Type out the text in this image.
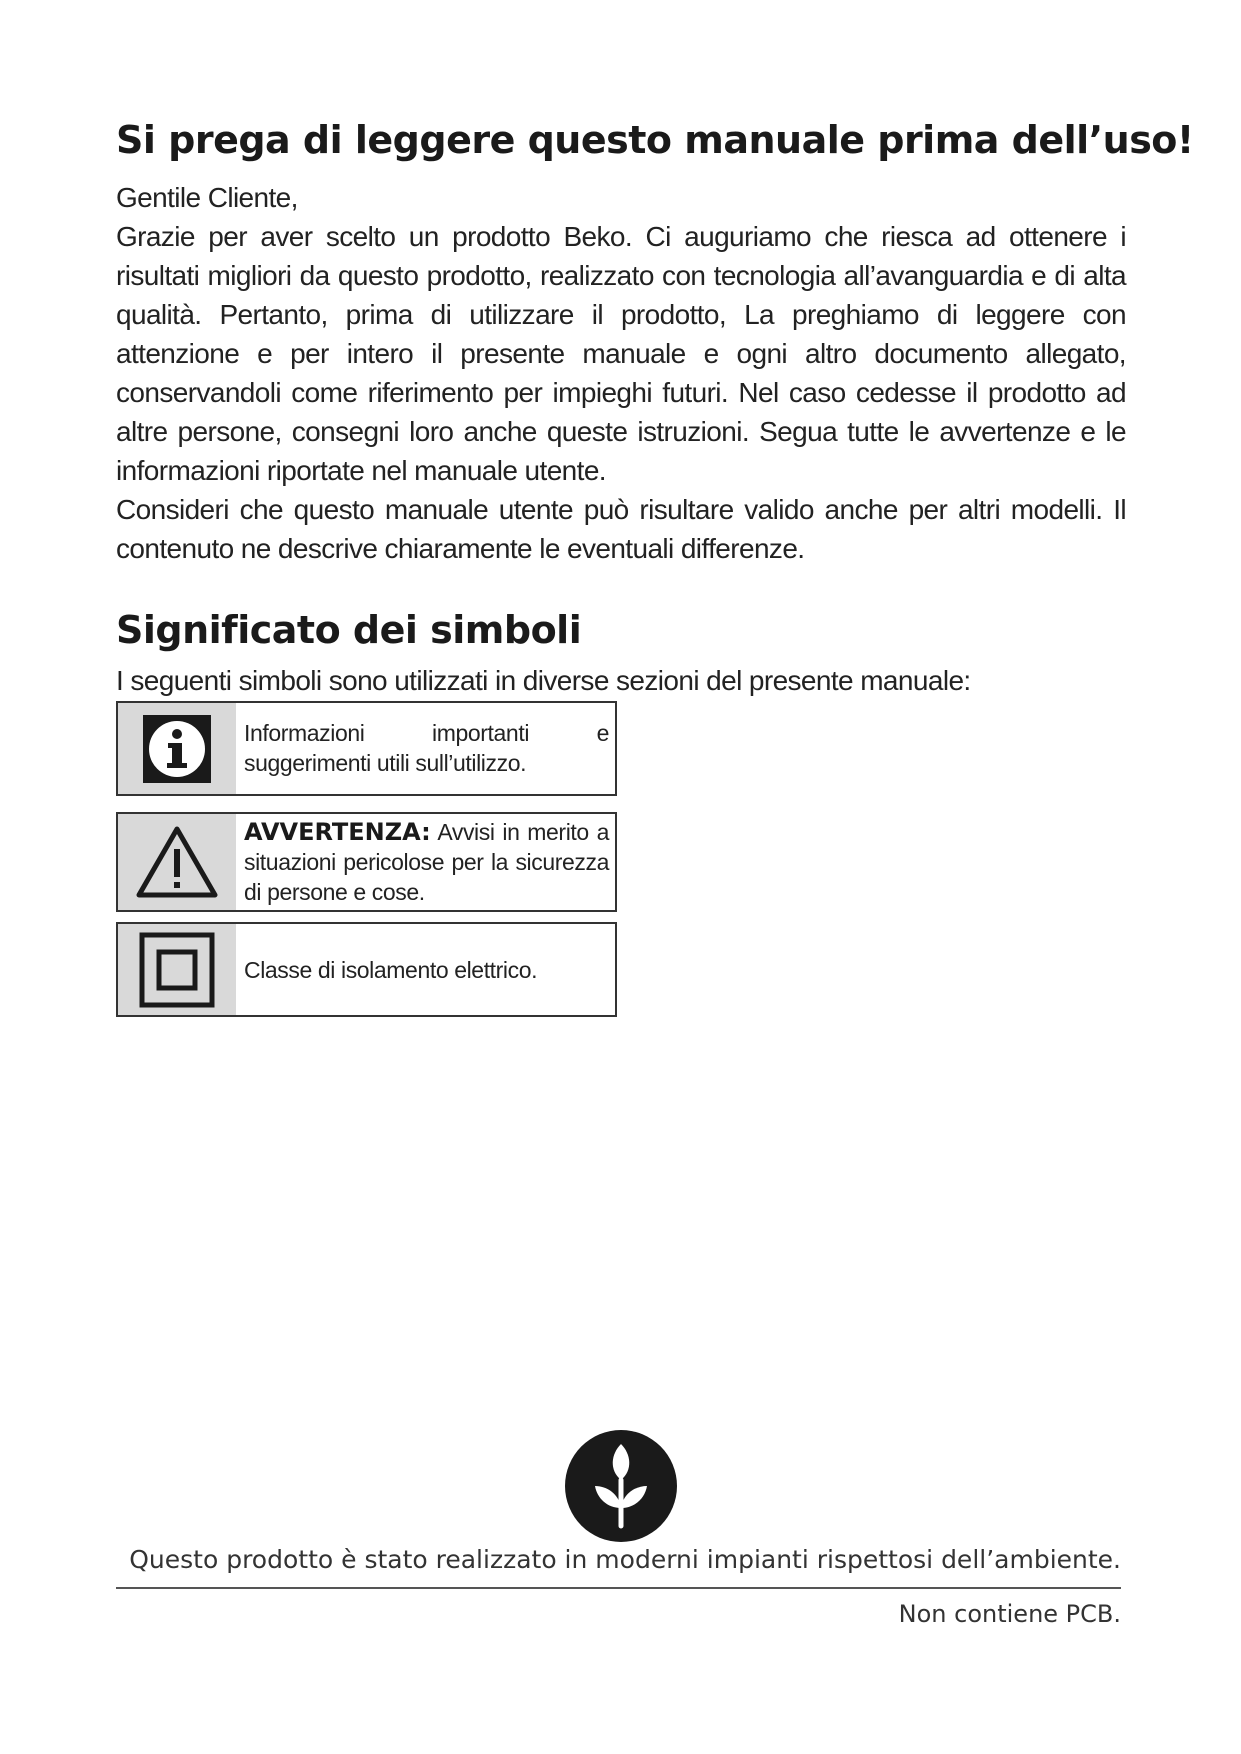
Si prega di leggere questo manuale prima dell’uso!

Gentile Cliente,

Grazie per aver scelto un prodotto Beko. Ci auguriamo che riesca ad ottenere i risultati migliori da questo prodotto, realizzato con tecnologia all’avanguardia e di alta qualità. Pertanto, prima di utilizzare il prodotto, La preghiamo di leggere con attenzione e per intero il presente manuale e ogni altro documento allegato, conservandoli come riferimento per impieghi futuri. Nel caso cedesse il prodotto ad altre persone, consegni loro anche queste istruzioni. Segua tutte le avvertenze e le informazioni riportate nel manuale utente.

Consideri che questo manuale utente può risultare valido anche per altri modelli. Il contenuto ne descrive chiaramente le eventuali differenze.

Significato dei simboli
I seguenti simboli sono utilizzati in diverse sezioni del presente manuale:
Informazioni importanti e suggerimenti utili sull’utilizzo.
AVVERTENZA: Avvisi in merito a situazioni pericolose per la sicurezza di persone e cose.
Classe di isolamento elettrico.
Questo prodotto è stato realizzato in moderni impianti rispettosi dell’ambiente.
Non contiene PCB.
